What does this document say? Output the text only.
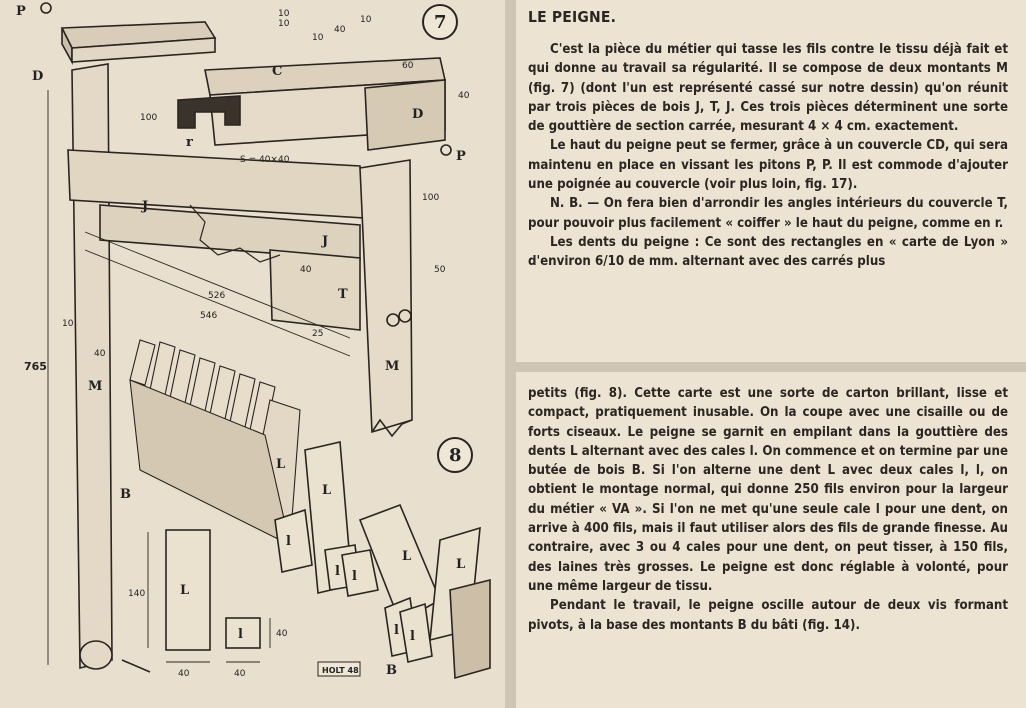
P
P
D
D
C
r
J
J
T
M
M
B
B
S = 40×40
L
L
L
L
L
l
l l
l l
l
7
8
HOLT 48
10
10
10
40
10
60
40
100
100
50
40
25
526
546
765
10
40
140
40	40
40
LE PEIGNE.

C'est la pièce du métier qui tasse les fils contre le tissu déjà fait et qui donne au travail sa régularité. Il se compose de deux montants M (fig. 7) (dont l'un est représenté cassé sur notre dessin) qu'on réunit par trois pièces de bois J, T, J. Ces trois pièces déterminent une sorte de gouttière de section carrée, mesurant 4 × 4 cm. exactement.

Le haut du peigne peut se fermer, grâce à un couvercle CD, qui sera maintenu en place en vissant les pitons P, P. Il est commode d'ajouter une poignée au couvercle (voir plus loin, fig. 17).

N. B. — On fera bien d'arrondir les angles intérieurs du couvercle T, pour pouvoir plus facilement « coiffer » le haut du peigne, comme en r.

Les dents du peigne : Ce sont des rectangles en « carte de Lyon » d'environ 6/10 de mm. alternant avec des carrés plus

petits (fig. 8). Cette carte est une sorte de carton brillant, lisse et compact, pratiquement inusable. On la coupe avec une cisaille ou de forts ciseaux. Le peigne se garnit en empilant dans la gouttière des dents L alternant avec des cales l. On commence et on termine par une butée de bois B. Si l'on alterne une dent L avec deux cales l, l, on obtient le montage normal, qui donne 250 fils environ pour la largeur du métier « VA ». Si l'on ne met qu'une seule cale l pour une dent, on arrive à 400 fils, mais il faut utiliser alors des fils de grande finesse. Au contraire, avec 3 ou 4 cales pour une dent, on peut tisser, à 150 fils, des laines très grosses. Le peigne est donc réglable à volonté, pour une même largeur de tissu.

Pendant le travail, le peigne oscille autour de deux vis formant pivots, à la base des montants B du bâti (fig. 14).
